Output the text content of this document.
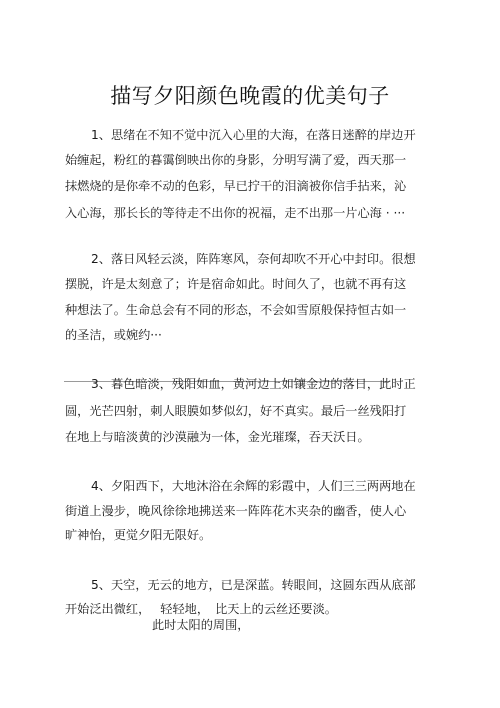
描写夕阳颜色晚霞的优美句子
1、思绪在不知不觉中沉入心里的大海，在落日迷醉的岸边开
始缠起，粉红的暮霭倒映出你的身影，分明写满了爱，西天那一
抹燃烧的是你牵不动的色彩，早已拧干的泪滴被你信手拈来，沁
入心海，那长长的等待走不出你的祝福，走不出那一片心海 · ···
2、落日风轻云淡，阵阵寒风，奈何却吹不开心中封印。很想
摆脱，许是太刻意了；许是宿命如此。时间久了，也就不再有这
种想法了。生命总会有不同的形态，不会如雪原般保持恒古如一
的圣洁，或婉约···
3、暮色暗淡，残阳如血，黄河边上如镶金边的落日，此时正
圆，光芒四射，刺人眼膜如梦似幻，好不真实。最后一丝残阳打
在地上与暗淡黄的沙漠融为一体，金光璀璨，吞天沃日。
4、夕阳西下，大地沐浴在余辉的彩霞中，人们三三两两地在
街道上漫步，晚风徐徐地拂送来一阵阵花木夹杂的幽香，使人心
旷神怡，更觉夕阳无限好。
5、天空，无云的地方，已是深蓝。转眼间，这圆东西从底部
开始泛出微红，　 轻轻地，　比天上的云丝还要淡。
此时太阳的周围，
